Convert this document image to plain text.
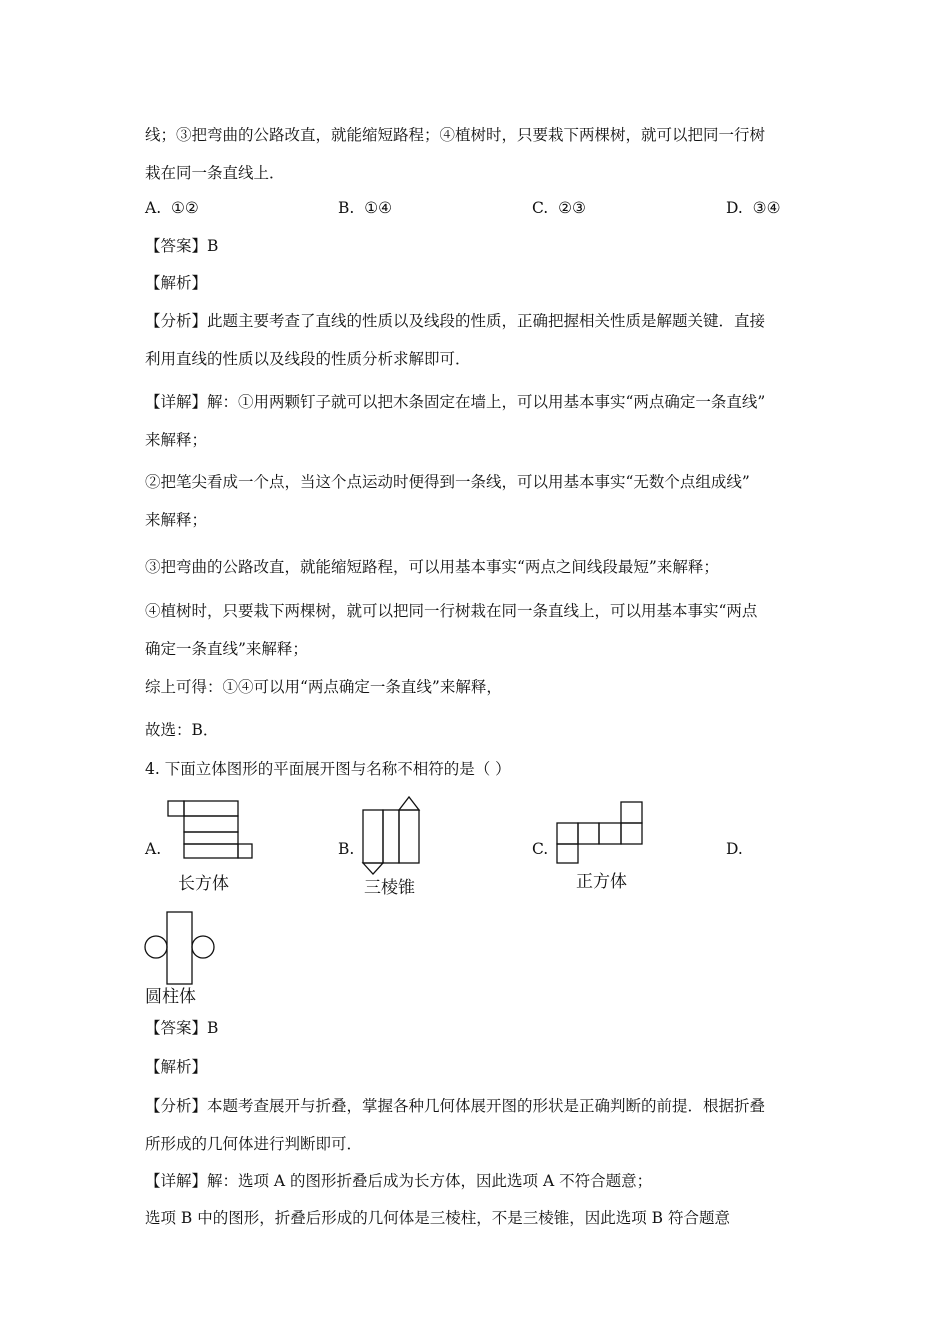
线；③把弯曲的公路改直，就能缩短路程；④植树时，只要栽下两棵树，就可以把同一行树
栽在同一条直线上．
A. ①②	B. ①④	C. ②③	D. ③④
【答案】B
【解析】
【分析】此题主要考查了直线的性质以及线段的性质，正确把握相关性质是解题关键．直接
利用直线的性质以及线段的性质分析求解即可．
【详解】解：①用两颗钉子就可以把木条固定在墙上，可以用基本事实“两点确定一条直线”
来解释；
②把笔尖看成一个点，当这个点运动时便得到一条线，可以用基本事实“无数个点组成线”
来解释；
③把弯曲的公路改直，就能缩短路程，可以用基本事实“两点之间线段最短”来解释；
④植树时，只要栽下两棵树，就可以把同一行树栽在同一条直线上，可以用基本事实“两点
确定一条直线”来解释；
综上可得：①④可以用“两点确定一条直线”来解释，
故选：B．
4. 下面立体图形的平面展开图与名称不相符的是（ ）
A.
长方体
B.
三棱锥
C.
正方体
D.
圆柱体
【答案】B
【解析】
【分析】本题考查展开与折叠，掌握各种几何体展开图的形状是正确判断的前提．根据折叠
所形成的几何体进行判断即可．
【详解】解：选项 A 的图形折叠后成为长方体，因此选项 A 不符合题意；
选项 B 中的图形，折叠后形成的几何体是三棱柱，不是三棱锥，因此选项 B 符合题意
